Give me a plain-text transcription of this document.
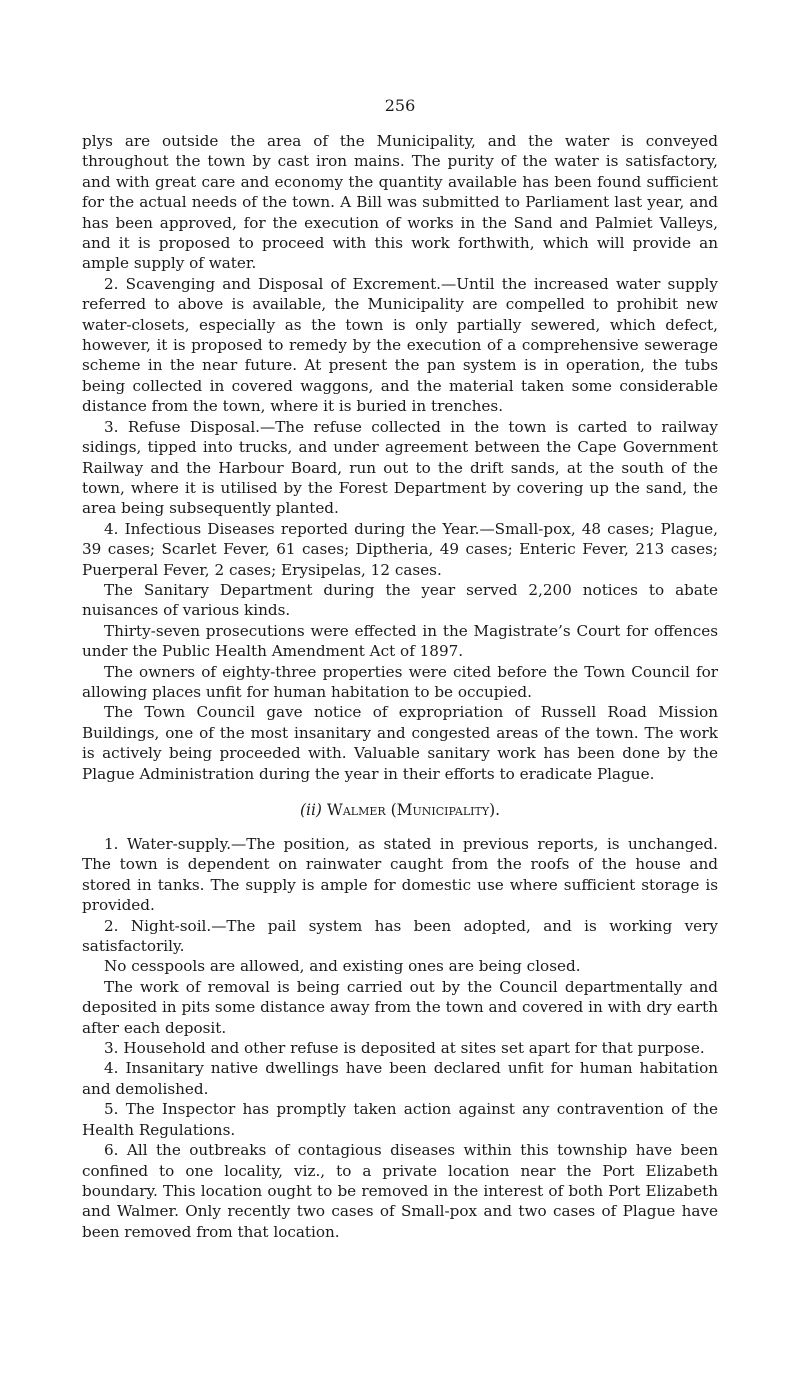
256

plys are outside the area of the Municipality, and the water is conveyed throughout the town by cast iron mains. The purity of the water is satisfactory, and with great care and economy the quantity available has been found sufficient for the actual needs of the town. A Bill was submitted to Parliament last year, and has been approved, for the execution of works in the Sand and Palmiet Valleys, and it is proposed to proceed with this work forthwith, which will provide an ample supply of water.

2. Scavenging and Disposal of Excrement.—Until the increased water supply referred to above is available, the Municipality are compelled to prohibit new water-closets, especially as the town is only partially sewered, which defect, however, it is proposed to remedy by the execution of a comprehensive sewerage scheme in the near future. At present the pan system is in operation, the tubs being collected in covered waggons, and the material taken some considerable distance from the town, where it is buried in trenches.

3. Refuse Disposal.—The refuse collected in the town is carted to railway sidings, tipped into trucks, and under agreement between the Cape Government Railway and the Harbour Board, run out to the drift sands, at the south of the town, where it is utilised by the Forest Department by covering up the sand, the area being subsequently planted.

4. Infectious Diseases reported during the Year.—Small-pox, 48 cases; Plague, 39 cases; Scarlet Fever, 61 cases; Diptheria, 49 cases; Enteric Fever, 213 cases; Puerperal Fever, 2 cases; Erysipelas, 12 cases.

The Sanitary Department during the year served 2,200 notices to abate nuisances of various kinds.

Thirty-seven prosecutions were effected in the Magistrate’s Court for offences under the Public Health Amendment Act of 1897.

The owners of eighty-three properties were cited before the Town Council for allowing places unfit for human habitation to be occupied.

The Town Council gave notice of expropriation of Russell Road Mission Buildings, one of the most insanitary and congested areas of the town. The work is actively being proceeded with. Valuable sanitary work has been done by the Plague Administration during the year in their efforts to eradicate Plague.

(ii) Walmer (Municipality).

1. Water-supply.—The position, as stated in previous reports, is unchanged. The town is dependent on rainwater caught from the roofs of the house and stored in tanks. The supply is ample for domestic use where sufficient storage is provided.

2. Night-soil.—The pail system has been adopted, and is working very satisfactorily.

No cesspools are allowed, and existing ones are being closed.

The work of removal is being carried out by the Council departmentally and deposited in pits some distance away from the town and covered in with dry earth after each deposit.

3. Household and other refuse is deposited at sites set apart for that purpose.

4. Insanitary native dwellings have been declared unfit for human habitation and demolished.

5. The Inspector has promptly taken action against any contravention of the Health Regulations.

6. All the outbreaks of contagious diseases within this township have been confined to one locality, viz., to a private location near the Port Elizabeth boundary. This location ought to be removed in the interest of both Port Elizabeth and Walmer. Only recently two cases of Small-pox and two cases of Plague have been removed from that location.
